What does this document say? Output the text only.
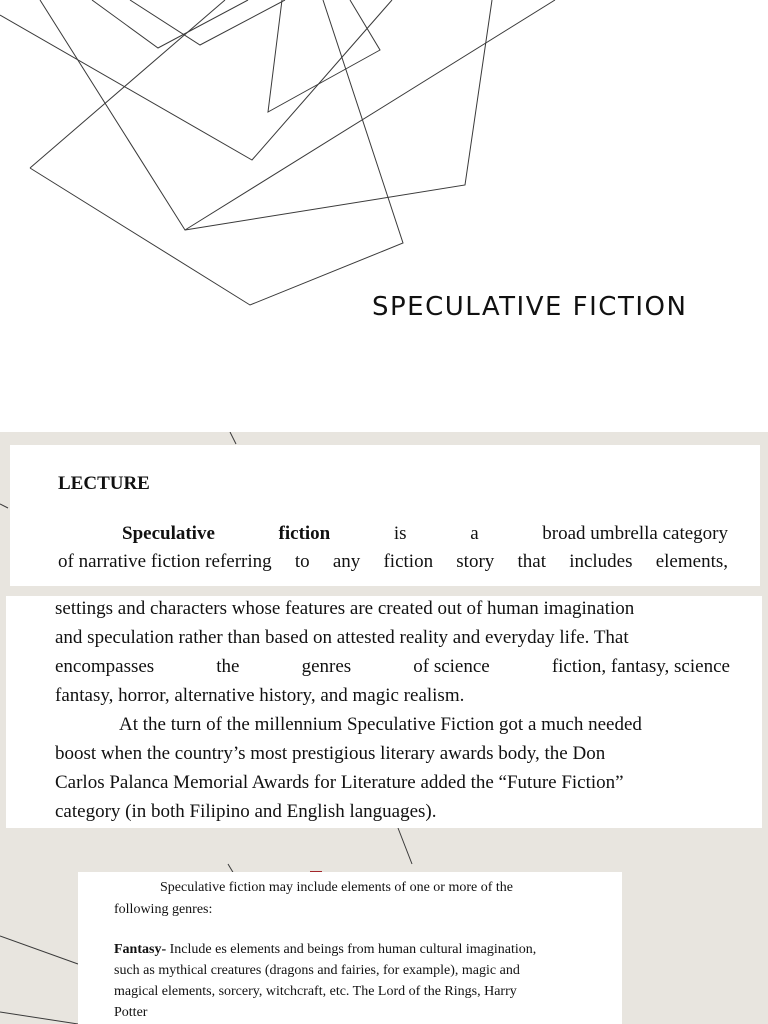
SPECULATIVE FICTION
LECTURE
Speculative	fiction	is	a	broad umbrella category
of narrative fiction referring to any fiction story that includes elements,
settings and characters whose features are created out of human imagination
and speculation rather than based on attested reality and everyday life. That
encompasses	the	genres	of science	fiction, fantasy, science
fantasy, horror, alternative history, and magic realism.
At the turn of the millennium Speculative Fiction got a much needed
boost when the country’s most prestigious literary awards body, the Don
Carlos Palanca Memorial Awards for Literature added the “Future Fiction”
category (in both Filipino and English languages).
Speculative fiction may include elements of one or more of the
following genres:
Fantasy- Include es elements and beings from human cultural imagination,
such as mythical creatures (dragons and fairies, for example), magic and
magical elements, sorcery, witchcraft, etc. The Lord of the Rings, Harry
Potter
